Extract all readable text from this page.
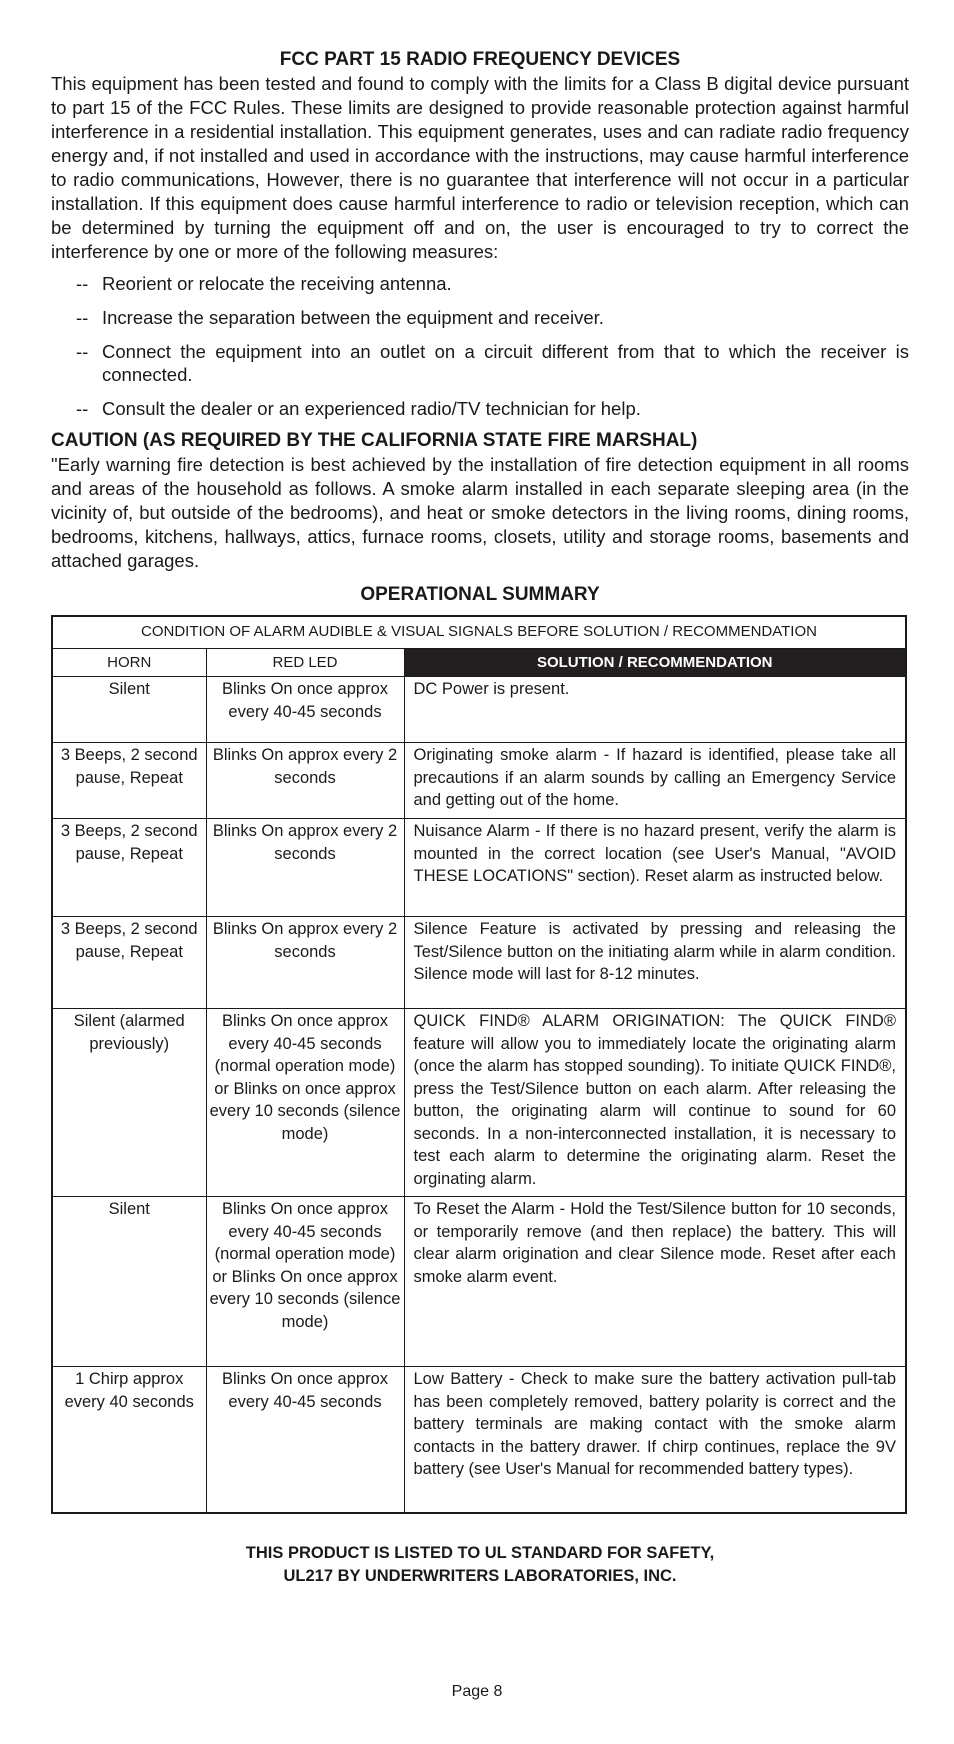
FCC PART 15 RADIO FREQUENCY DEVICES

This equipment has been tested and found to comply with the limits for a Class B digital device pursuant to part 15 of the FCC Rules. These limits are designed to provide reasonable protection against harmful interference in a residential installation. This equipment generates, uses and can radiate radio frequency energy and, if not installed and used in accordance with the instructions, may cause harmful interference to radio communications, However, there is no guarantee that interference will not occur in a particular installation. If this equipment does cause harmful interference to radio or television reception, which can be determined by turning the equipment off and on, the user is encouraged to try to correct the interference by one or more of the following measures:

-- Reorient or relocate the receiving antenna.
-- Increase the separation between the equipment and receiver.
-- Connect the equipment into an outlet on a circuit different from that to which the receiver is connected.
-- Consult the dealer or an experienced radio/TV technician for help.
CAUTION (AS REQUIRED BY THE CALIFORNIA STATE FIRE MARSHAL)

"Early warning fire detection is best achieved by the installation of fire detection equipment in all rooms and areas of the household as follows. A smoke alarm installed in each separate sleeping area (in the vicinity of, but outside of the bedrooms), and heat or smoke detectors in the living rooms, dining rooms, bedrooms, kitchens, hallways, attics, furnace rooms, closets, utility and storage rooms, basements and attached garages.

OPERATIONAL SUMMARY
CONDITION OF ALARM AUDIBLE & VISUAL SIGNALS BEFORE SOLUTION / RECOMMENDATION		
HORN	RED LED	SOLUTION / RECOMMENDATION
Silent	Blinks On once approx every 40-45 seconds	DC Power is present.
3 Beeps, 2 second pause, Repeat	Blinks On approx every 2 seconds	Originating smoke alarm - If hazard is identified, please take all precautions if an alarm sounds by calling an Emergency Service and getting out of the home.
3 Beeps, 2 second pause, Repeat	Blinks On approx every 2 seconds	Nuisance Alarm - If there is no hazard present, verify the alarm is mounted in the correct location (see User's Manual, "AVOID THESE LOCATIONS" section). Reset alarm as instructed below.
3 Beeps, 2 second pause, Repeat	Blinks On approx every 2 seconds	Silence Feature is activated by pressing and releasing the Test/Silence button on the initiating alarm while in alarm condition. Silence mode will last for 8-12 minutes.
Silent (alarmed previously)	Blinks On once approx every 40-45 seconds (normal operation mode) or Blinks on once approx every 10 seconds (silence mode)	QUICK FIND® ALARM ORIGINATION: The QUICK FIND® feature will allow you to immediately locate the originating alarm (once the alarm has stopped sounding). To initiate QUICK FIND®, press the Test/Silence button on each alarm. After releasing the button, the originating alarm will continue to sound for 60 seconds. In a non-interconnected installation, it is necessary to test each alarm to determine the originating alarm. Reset the orginating alarm.
Silent	Blinks On once approx every 40-45 seconds (normal operation mode) or Blinks On once approx every 10 seconds (silence mode)	To Reset the Alarm - Hold the Test/Silence button for 10 seconds, or temporarily remove (and then replace) the battery. This will clear alarm origination and clear Silence mode. Reset after each smoke alarm event.
1 Chirp approx every 40 seconds	Blinks On once approx every 40-45 seconds	Low Battery - Check to make sure the battery activation pull-tab has been completely removed, battery polarity is correct and the battery terminals are making contact with the smoke alarm contacts in the battery drawer. If chirp continues, replace the 9V battery (see User's Manual for recommended battery types).
THIS PRODUCT IS LISTED TO UL STANDARD FOR SAFETY,
UL217 BY UNDERWRITERS LABORATORIES, INC.
Page 8
